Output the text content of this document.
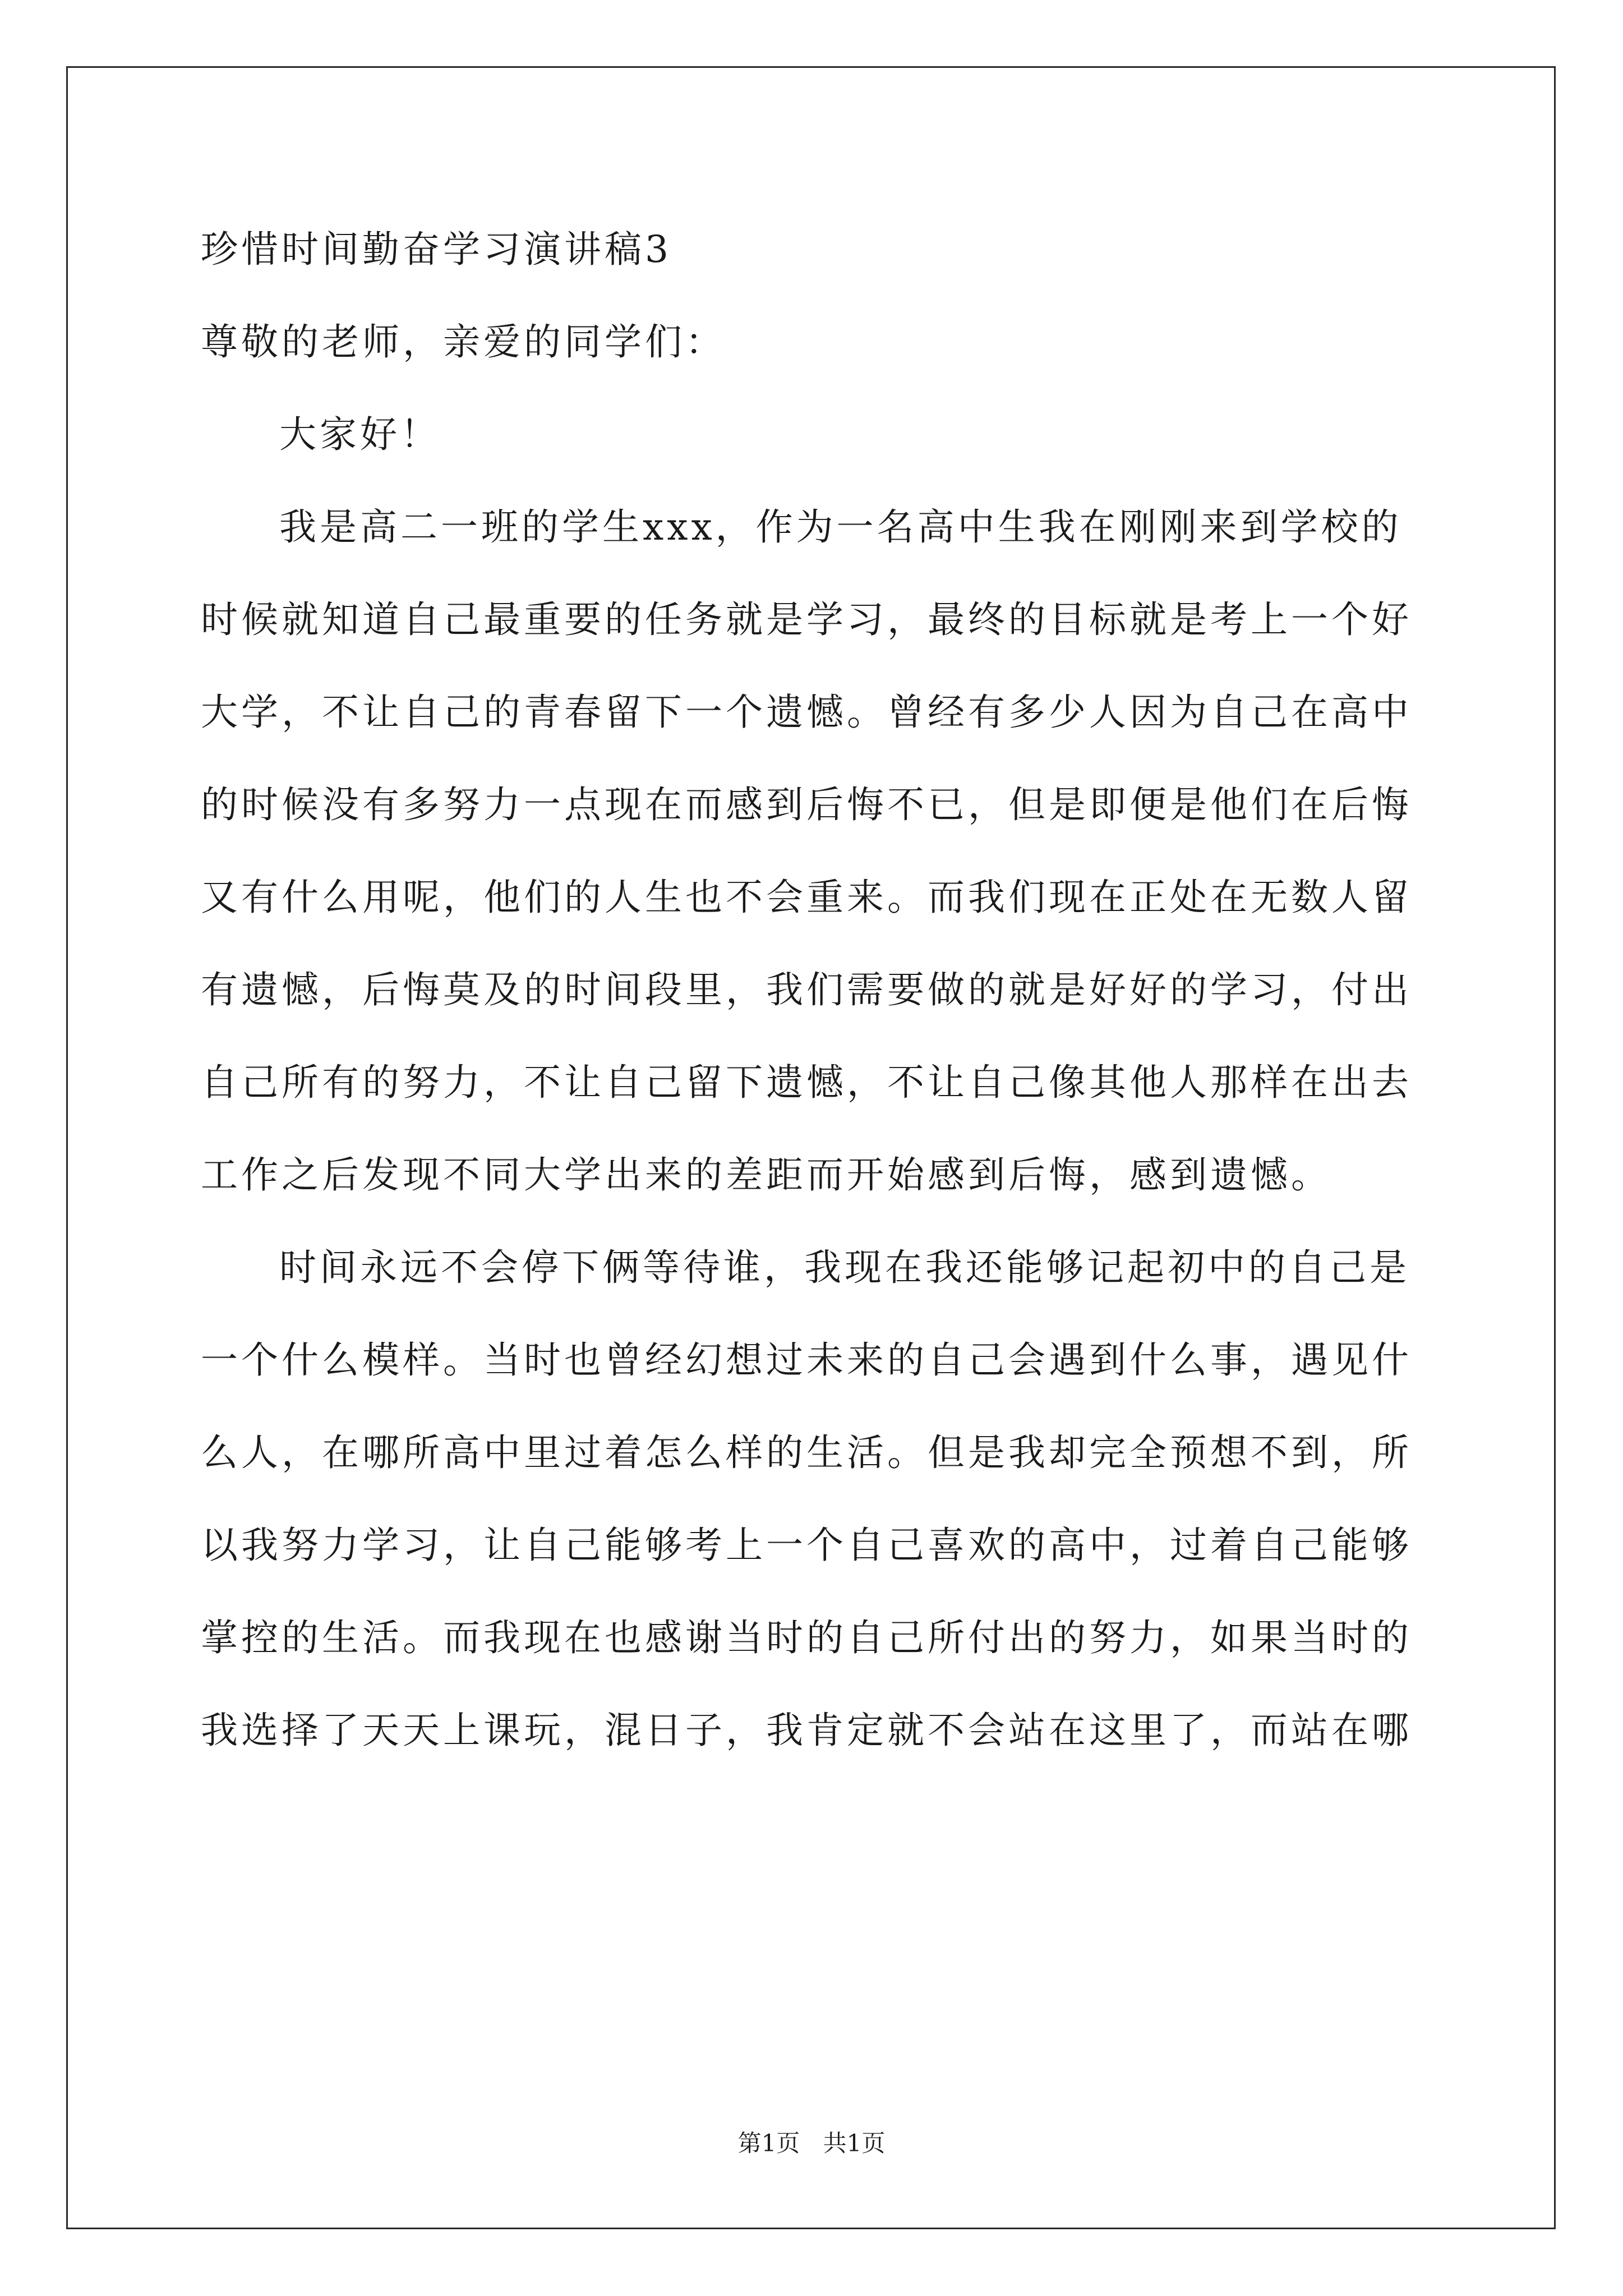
珍惜时间勤奋学习演讲稿3
尊敬的老师，亲爱的同学们：
大家好！
我是高二一班的学生xxx，作为一名高中生我在刚刚来到学校的
时候就知道自己最重要的任务就是学习，最终的目标就是考上一个好
大学，不让自己的青春留下一个遗憾。曾经有多少人因为自己在高中
的时候没有多努力一点现在而感到后悔不已，但是即便是他们在后悔
又有什么用呢，他们的人生也不会重来。而我们现在正处在无数人留
有遗憾，后悔莫及的时间段里，我们需要做的就是好好的学习，付出
自己所有的努力，不让自己留下遗憾，不让自己像其他人那样在出去
工作之后发现不同大学出来的差距而开始感到后悔，感到遗憾。
时间永远不会停下俩等待谁，我现在我还能够记起初中的自己是
一个什么模样。当时也曾经幻想过未来的自己会遇到什么事，遇见什
么人，在哪所高中里过着怎么样的生活。但是我却完全预想不到，所
以我努力学习，让自己能够考上一个自己喜欢的高中，过着自己能够
掌控的生活。而我现在也感谢当时的自己所付出的努力，如果当时的
我选择了天天上课玩，混日子，我肯定就不会站在这里了，而站在哪
第1页 共1页
